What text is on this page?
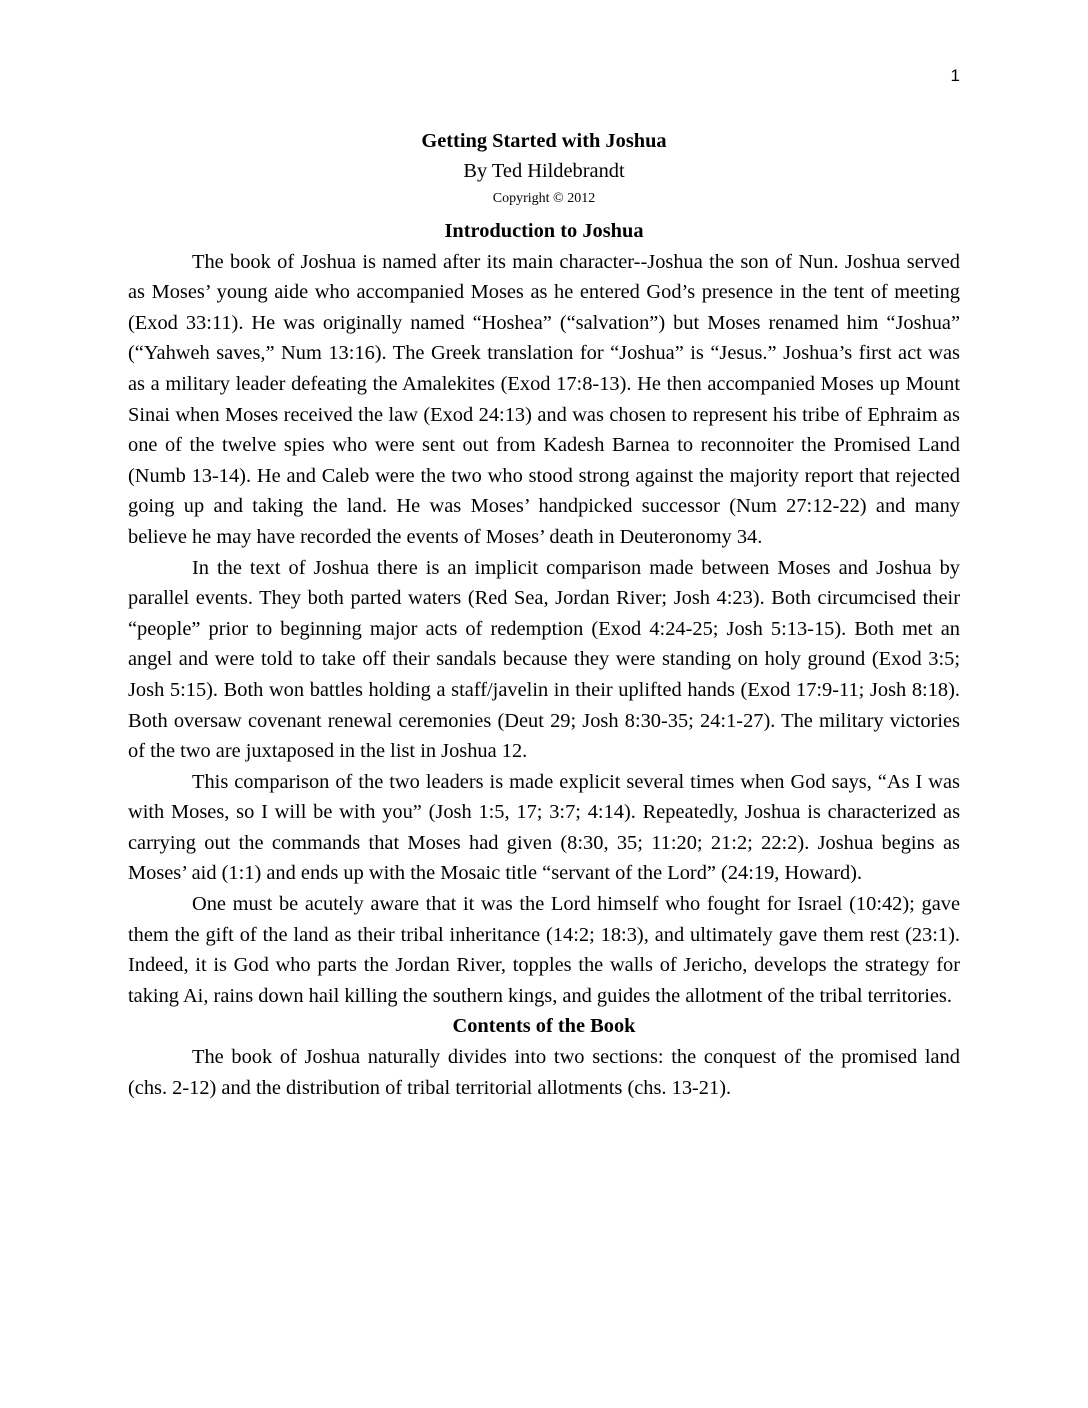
1

Getting Started with Joshua

By Ted Hildebrandt

Copyright © 2012

Introduction to Joshua

The book of Joshua is named after its main character--Joshua the son of Nun. Joshua served as Moses’ young aide who accompanied Moses as he entered God’s presence in the tent of meeting (Exod 33:11). He was originally named “Hoshea” (“salvation”) but Moses renamed him “Joshua” (“Yahweh saves,” Num 13:16). The Greek translation for “Joshua” is “Jesus.” Joshua’s first act was as a military leader defeating the Amalekites (Exod 17:8-13). He then accompanied Moses up Mount Sinai when Moses received the law (Exod 24:13) and was chosen to represent his tribe of Ephraim as one of the twelve spies who were sent out from Kadesh Barnea to reconnoiter the Promised Land (Numb 13-14). He and Caleb were the two who stood strong against the majority report that rejected going up and taking the land. He was Moses’ handpicked successor (Num 27:12-22) and many believe he may have recorded the events of Moses’ death in Deuteronomy 34.

In the text of Joshua there is an implicit comparison made between Moses and Joshua by parallel events. They both parted waters (Red Sea, Jordan River; Josh 4:23). Both circumcised their “people” prior to beginning major acts of redemption (Exod 4:24-25; Josh 5:13-15). Both met an angel and were told to take off their sandals because they were standing on holy ground (Exod 3:5; Josh 5:15). Both won battles holding a staff/javelin in their uplifted hands (Exod 17:9-11; Josh 8:18). Both oversaw covenant renewal ceremonies (Deut 29; Josh 8:30-35; 24:1-27). The military victories of the two are juxtaposed in the list in Joshua 12.

This comparison of the two leaders is made explicit several times when God says, “As I was with Moses, so I will be with you” (Josh 1:5, 17; 3:7; 4:14). Repeatedly, Joshua is characterized as carrying out the commands that Moses had given (8:30, 35; 11:20; 21:2; 22:2). Joshua begins as Moses’ aid (1:1) and ends up with the Mosaic title “servant of the Lord” (24:19, Howard).

One must be acutely aware that it was the Lord himself who fought for Israel (10:42); gave them the gift of the land as their tribal inheritance (14:2; 18:3), and ultimately gave them rest (23:1). Indeed, it is God who parts the Jordan River, topples the walls of Jericho, develops the strategy for taking Ai, rains down hail killing the southern kings, and guides the allotment of the tribal territories.

Contents of the Book

The book of Joshua naturally divides into two sections: the conquest of the promised land (chs. 2-12) and the distribution of tribal territorial allotments (chs. 13-21).
